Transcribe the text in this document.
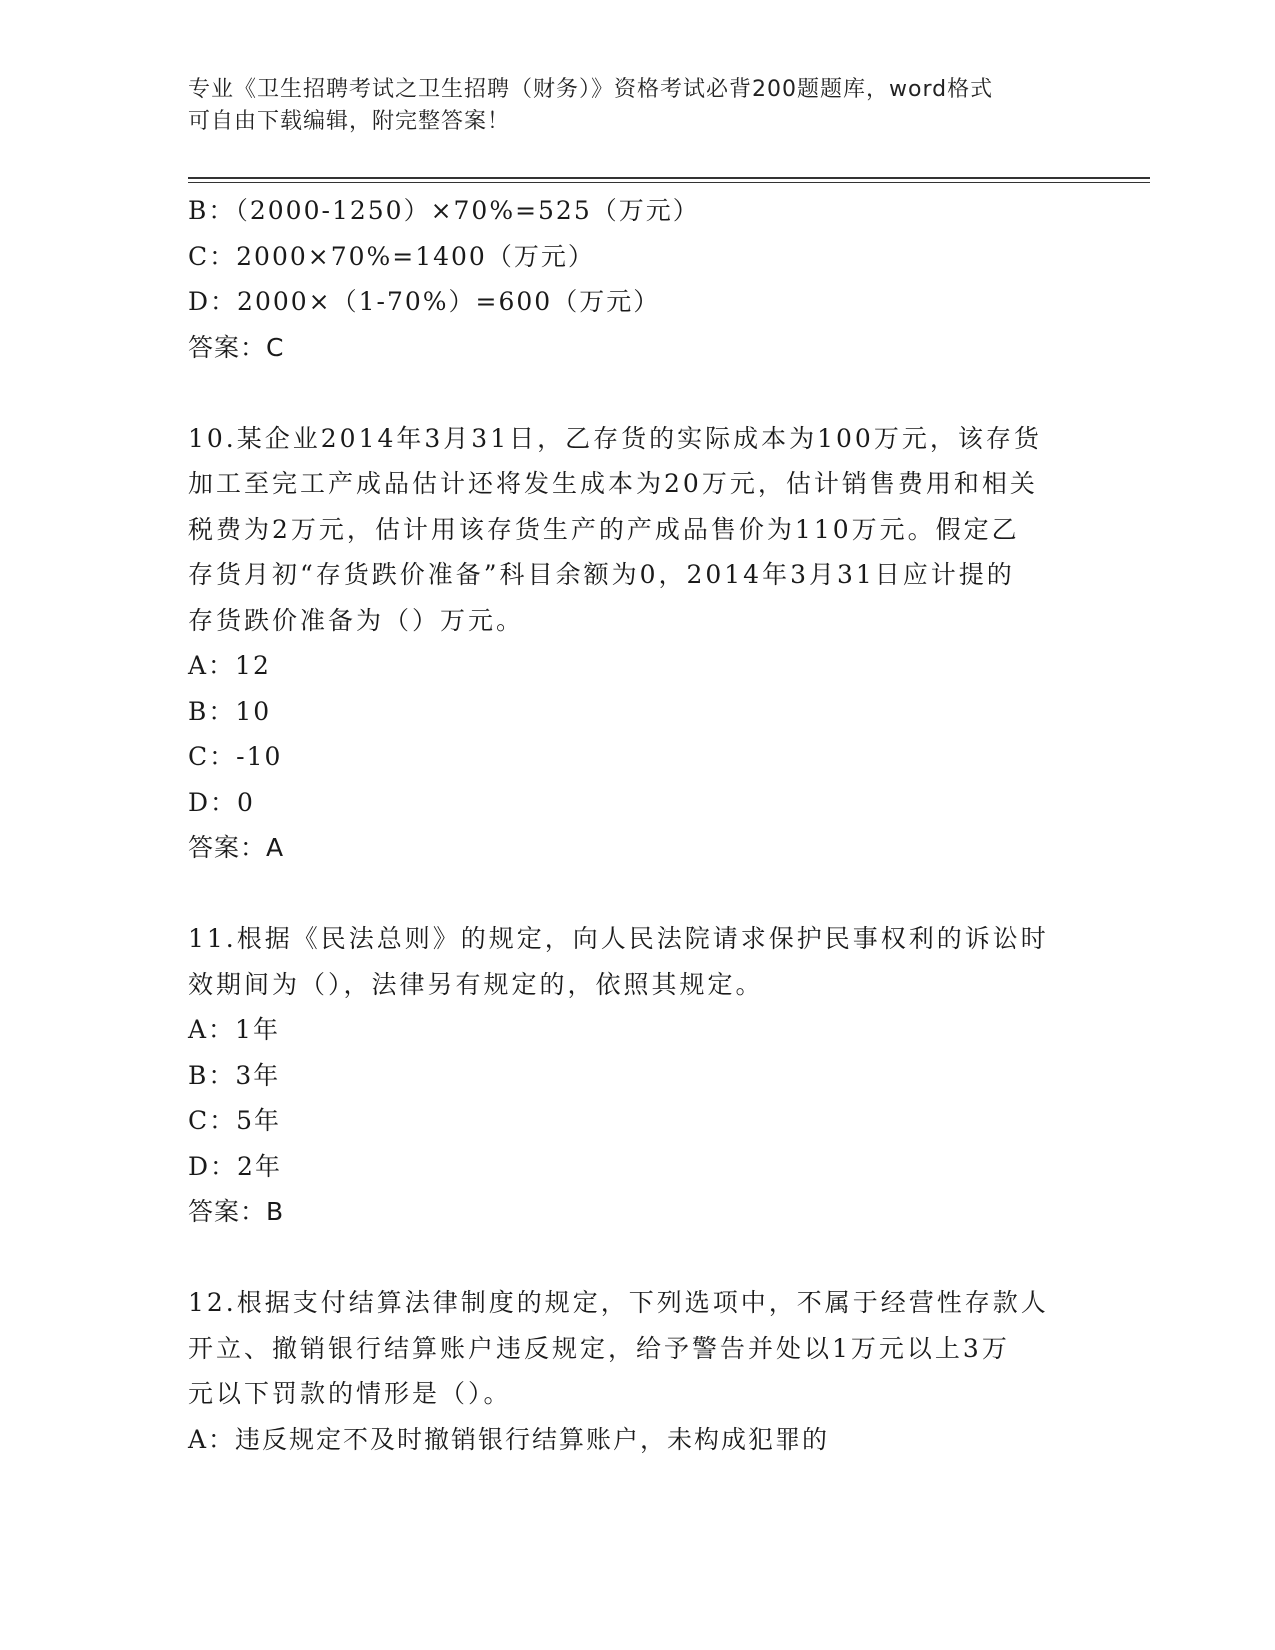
专业《卫生招聘考试之卫生招聘（财务）》资格考试必背200题题库，word格式
可自由下载编辑，附完整答案！
B：（2000-1250）×70%=525（万元）
C：2000×70%=1400（万元）
D：2000×（1-70%）=600（万元）
答案：C
10.某企业2014年3月31日，乙存货的实际成本为100万元，该存货
加工至完工产成品估计还将发生成本为20万元，估计销售费用和相关
税费为2万元，估计用该存货生产的产成品售价为110万元。假定乙
存货月初“存货跌价准备”科目余额为0，2014年3月31日应计提的
存货跌价准备为（）万元。
A：12
B：10
C：-10
D：0
答案：A
11.根据《民法总则》的规定，向人民法院请求保护民事权利的诉讼时
效期间为（），法律另有规定的，依照其规定。
A：1年
B：3年
C：5年
D：2年
答案：B
12.根据支付结算法律制度的规定，下列选项中，不属于经营性存款人
开立、撤销银行结算账户违反规定，给予警告并处以1万元以上3万
元以下罚款的情形是（）。
A：违反规定不及时撤销银行结算账户，未构成犯罪的
